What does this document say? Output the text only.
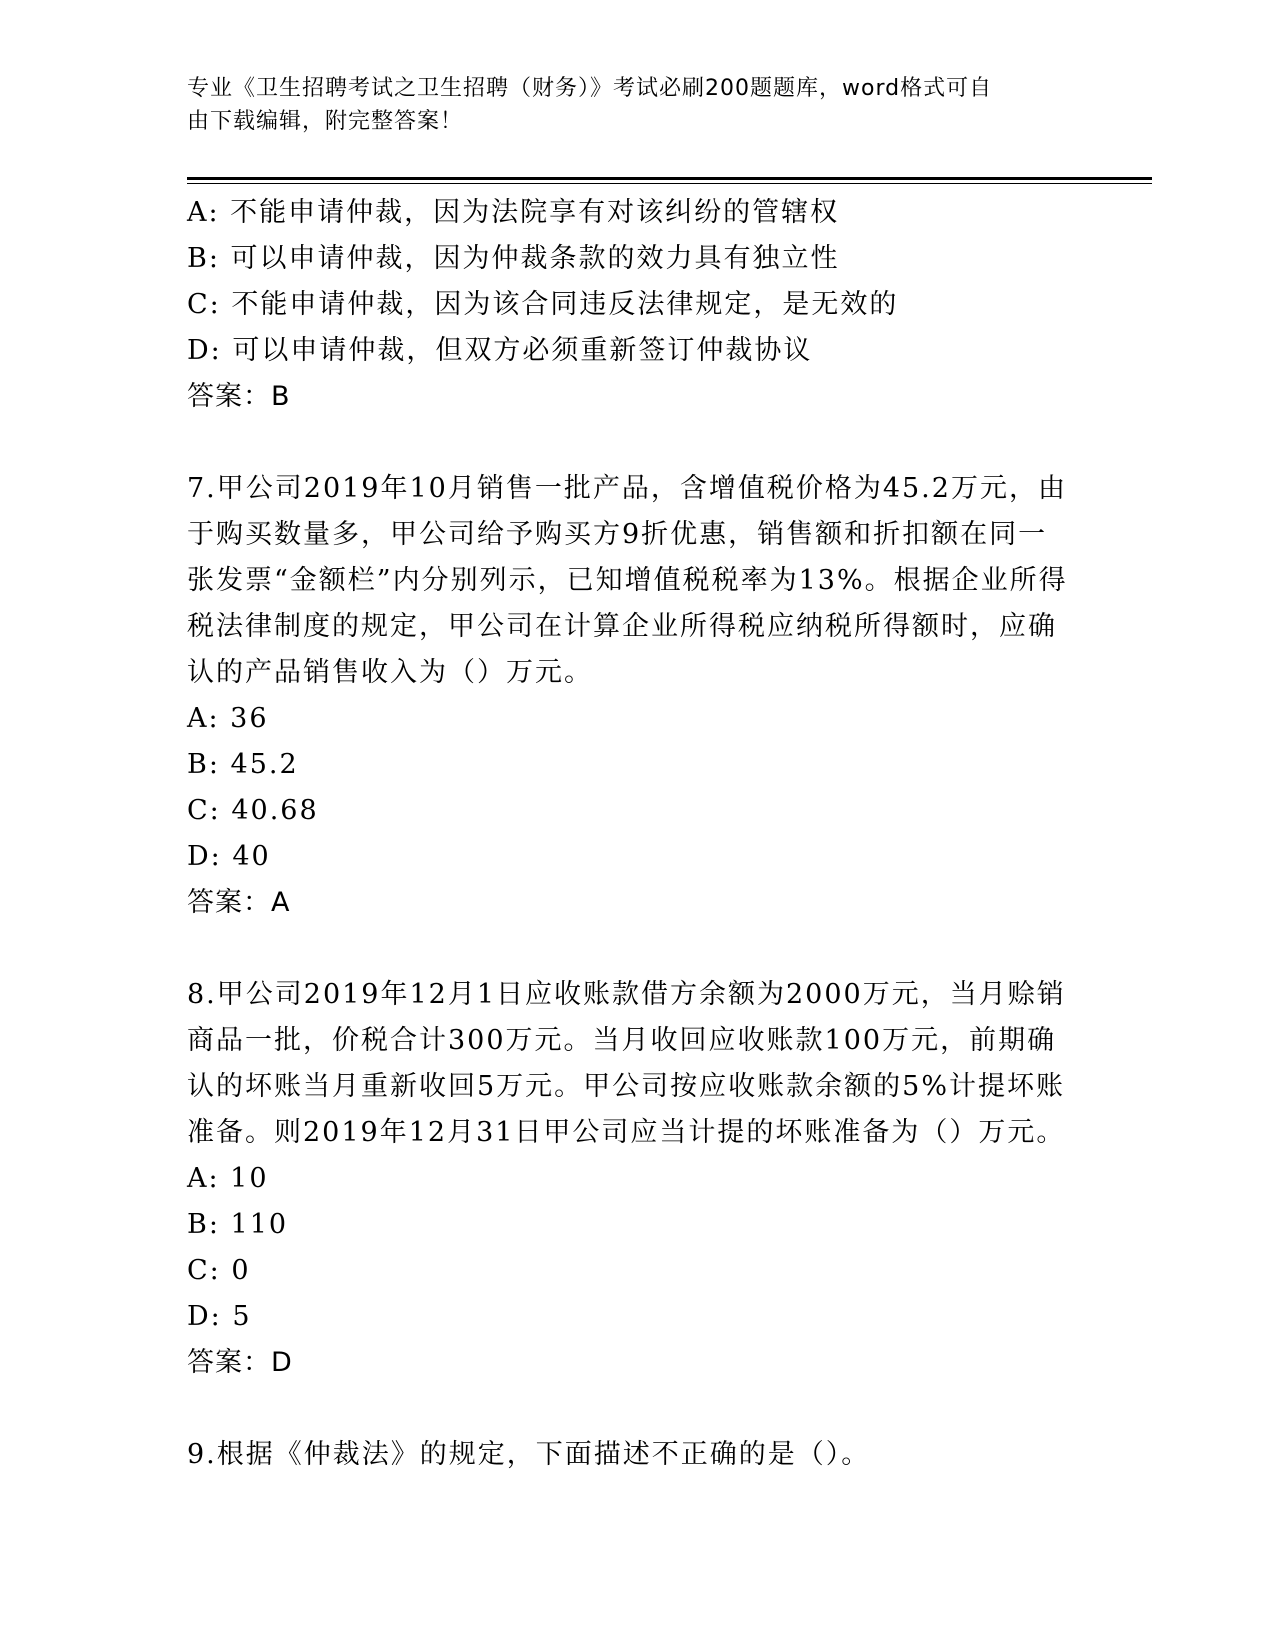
专业《卫生招聘考试之卫生招聘（财务）》考试必刷200题题库，word格式可自
由下载编辑，附完整答案！
A: 不能申请仲裁，因为法院享有对该纠纷的管辖权
B: 可以申请仲裁，因为仲裁条款的效力具有独立性
C: 不能申请仲裁，因为该合同违反法律规定，是无效的
D: 可以申请仲裁，但双方必须重新签订仲裁协议
答案：B
7.甲公司2019年10月销售一批产品，含增值税价格为45.2万元，由
于购买数量多，甲公司给予购买方9折优惠，销售额和折扣额在同一
张发票“金额栏”内分别列示，已知增值税税率为13%。根据企业所得
税法律制度的规定，甲公司在计算企业所得税应纳税所得额时，应确
认的产品销售收入为（）万元。
A: 36
B: 45.2
C: 40.68
D: 40
答案：A
8.甲公司2019年12月1日应收账款借方余额为2000万元，当月赊销
商品一批，价税合计300万元。当月收回应收账款100万元，前期确
认的坏账当月重新收回5万元。甲公司按应收账款余额的5%计提坏账
准备。则2019年12月31日甲公司应当计提的坏账准备为（）万元。
A: 10
B: 110
C: 0
D: 5
答案：D
9.根据《仲裁法》的规定，下面描述不正确的是（）。
